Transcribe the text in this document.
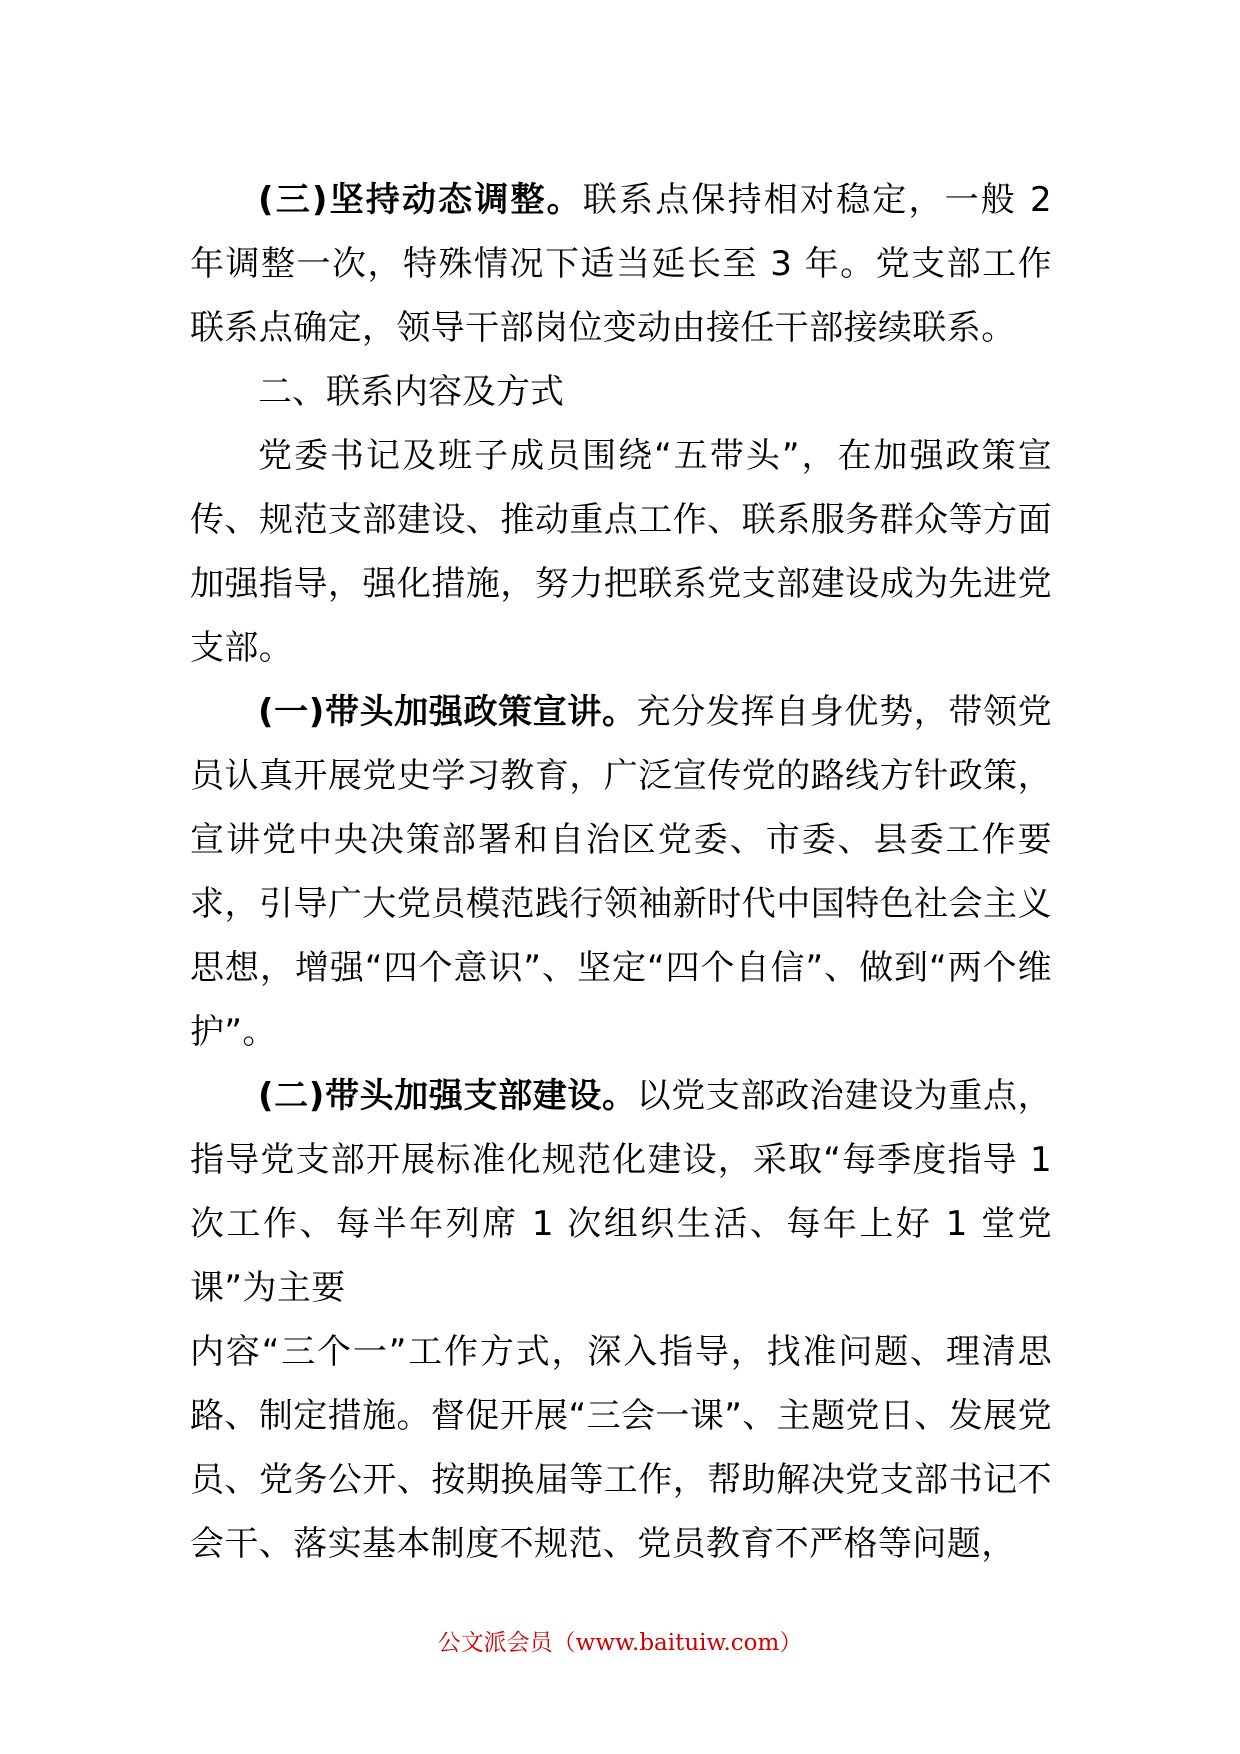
(三)坚持动态调整。联系点保持相对稳定，一般 2 年调整一次，特殊情况下适当延长至 3 年。党支部工作联系点确定，领导干部岗位变动由接任干部接续联系。

二、联系内容及方式

党委书记及班子成员围绕“五带头”，在加强政策宣传、规范支部建设、推动重点工作、联系服务群众等方面加强指导，强化措施，努力把联系党支部建设成为先进党支部。

(一)带头加强政策宣讲。充分发挥自身优势，带领党员认真开展党史学习教育，广泛宣传党的路线方针政策，宣讲党中央决策部署和自治区党委、市委、县委工作要求，引导广大党员模范践行领袖新时代中国特色社会主义思想，增强“四个意识”、坚定“四个自信”、做到“两个维护”。

(二)带头加强支部建设。以党支部政治建设为重点，指导党支部开展标准化规范化建设，采取“每季度指导 1 次工作、每半年列席 1 次组织生活、每年上好 1 堂党课”为主要

内容“三个一”工作方式，深入指导，找准问题、理清思路、制定措施。督促开展“三会一课”、主题党日、发展党员、党务公开、按期换届等工作，帮助解决党支部书记不会干、落实基本制度不规范、党员教育不严格等问题，

公文派会员（www.baituiw.com）
